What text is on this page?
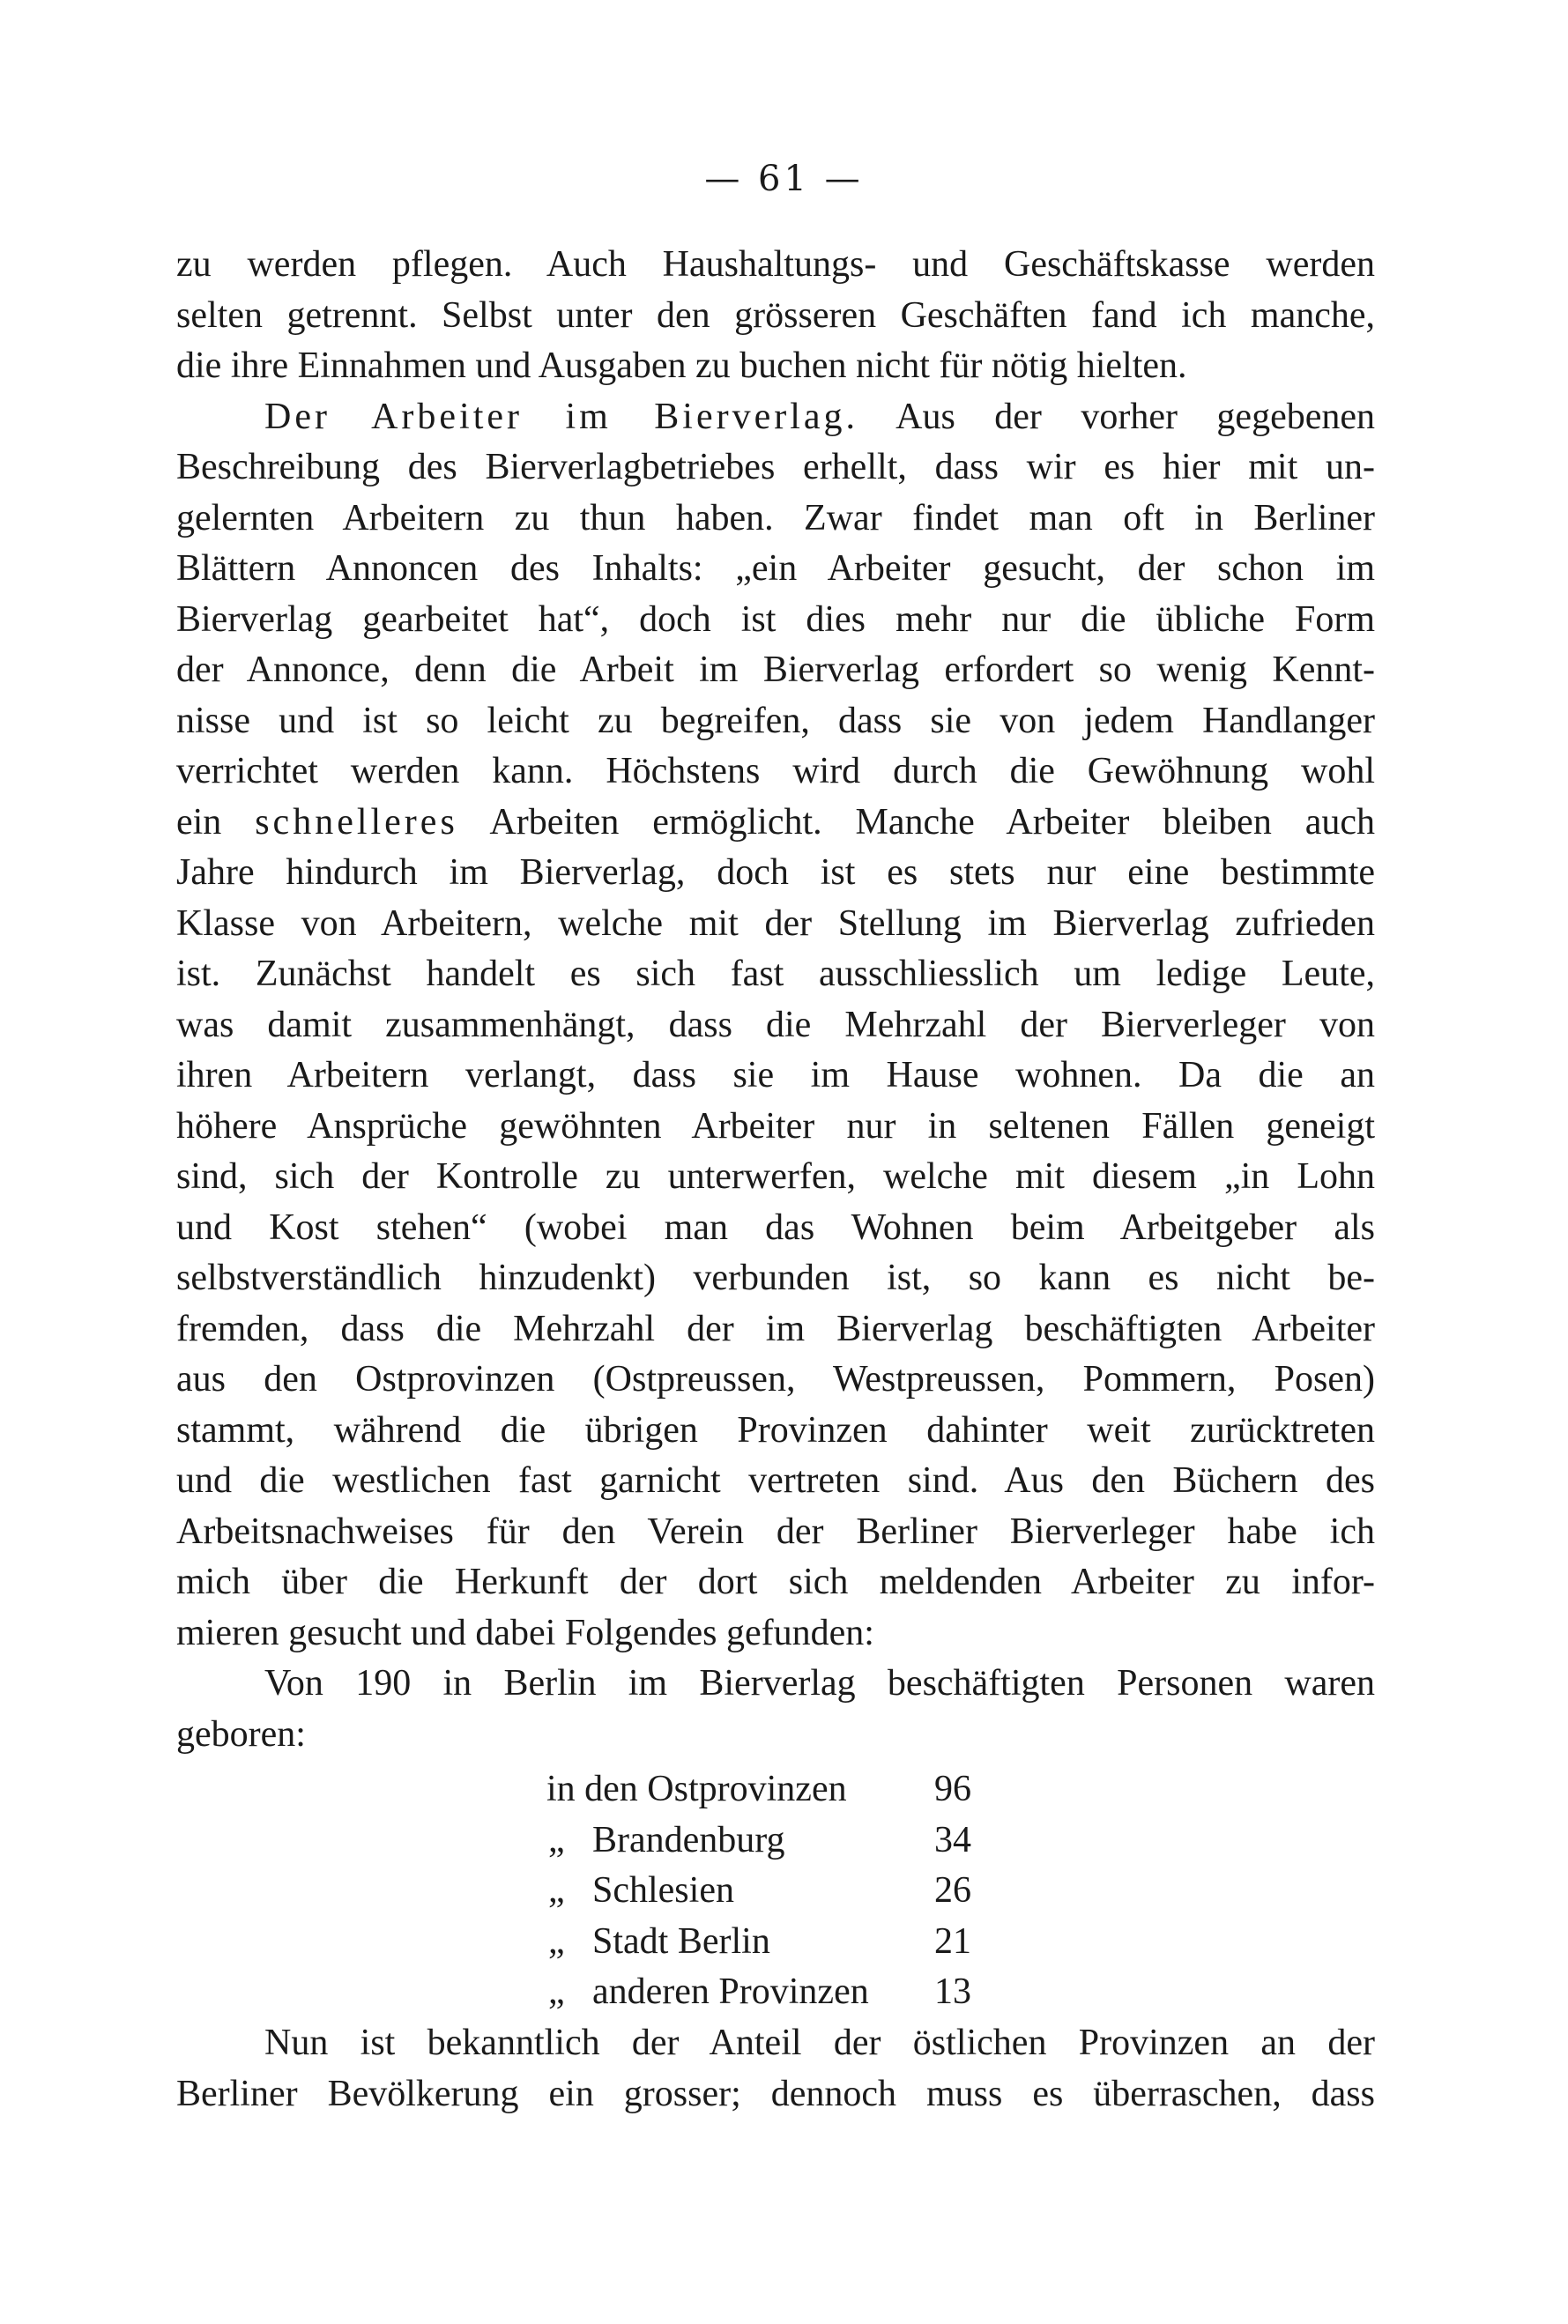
— 61 —
zu werden pflegen. Auch Haushaltungs- und Geschäftskasse werden
selten getrennt. Selbst unter den grösseren Geschäften fand ich manche,
die ihre Einnahmen und Ausgaben zu buchen nicht für nötig hielten.
Der Arbeiter im Bierverlag. Aus der vorher gegebenen
Beschreibung des Bierverlagbetriebes erhellt, dass wir es hier mit un-
gelernten Arbeitern zu thun haben. Zwar findet man oft in Berliner
Blättern Annoncen des Inhalts: „ein Arbeiter gesucht, der schon im
Bierverlag gearbeitet hat“, doch ist dies mehr nur die übliche Form
der Annonce, denn die Arbeit im Bierverlag erfordert so wenig Kennt-
nisse und ist so leicht zu begreifen, dass sie von jedem Handlanger
verrichtet werden kann. Höchstens wird durch die Gewöhnung wohl
ein schnelleres Arbeiten ermöglicht. Manche Arbeiter bleiben auch
Jahre hindurch im Bierverlag, doch ist es stets nur eine bestimmte
Klasse von Arbeitern, welche mit der Stellung im Bierverlag zufrieden
ist. Zunächst handelt es sich fast ausschliesslich um ledige Leute,
was damit zusammenhängt, dass die Mehrzahl der Bierverleger von
ihren Arbeitern verlangt, dass sie im Hause wohnen. Da die an
höhere Ansprüche gewöhnten Arbeiter nur in seltenen Fällen geneigt
sind, sich der Kontrolle zu unterwerfen, welche mit diesem „in Lohn
und Kost stehen“ (wobei man das Wohnen beim Arbeitgeber als
selbstverständlich hinzudenkt) verbunden ist, so kann es nicht be-
fremden, dass die Mehrzahl der im Bierverlag beschäftigten Arbeiter
aus den Ostprovinzen (Ostpreussen, Westpreussen, Pommern, Posen)
stammt, während die übrigen Provinzen dahinter weit zurücktreten
und die westlichen fast garnicht vertreten sind. Aus den Büchern des
Arbeitsnachweises für den Verein der Berliner Bierverleger habe ich
mich über die Herkunft der dort sich meldenden Arbeiter zu infor-
mieren gesucht und dabei Folgendes gefunden:
Von 190 in Berlin im Bierverlag beschäftigten Personen waren
geboren:
in den Ostprovinzen 96
„ Brandenburg	34
„ Schlesien	26
„ Stadt Berlin	21
„ anderen Provinzen 13
Nun ist bekanntlich der Anteil der östlichen Provinzen an der
Berliner Bevölkerung ein grosser; dennoch muss es überraschen, dass
